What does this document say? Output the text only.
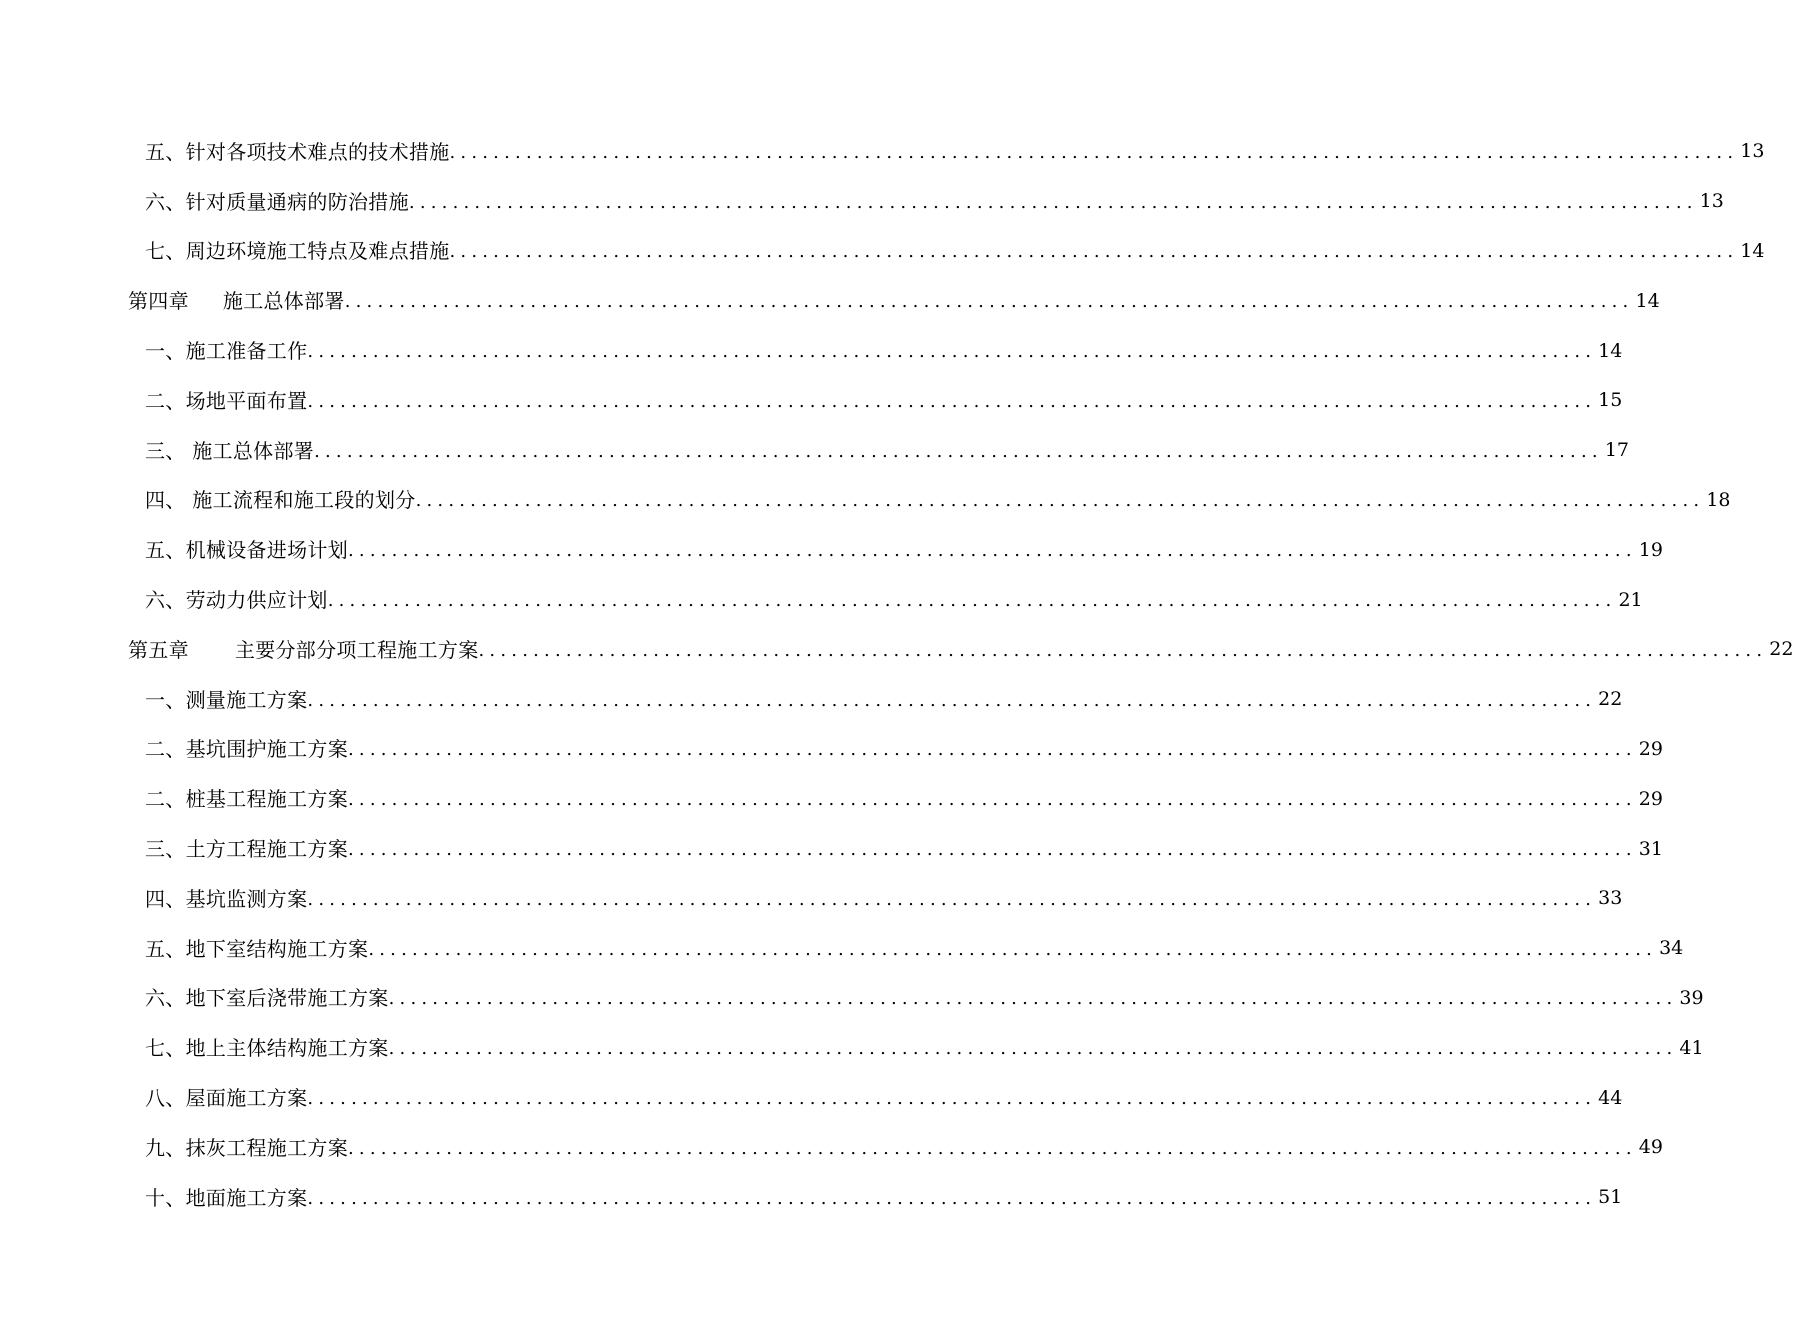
五、针对各项技术难点的技术措施 ...................................................................................................................... 13
六、针对质量通病的防治措施 ...................................................................................................................... 13
七、周边环境施工特点及难点措施 ...................................................................................................................... 14
第四章 施工总体部署 ...................................................................................................................... 14
一、施工准备工作 ...................................................................................................................... 14
二、场地平面布置 ...................................................................................................................... 15
三、 施工总体部署 ...................................................................................................................... 17
四、 施工流程和施工段的划分 ...................................................................................................................... 18
五、机械设备进场计划 ...................................................................................................................... 19
六、劳动力供应计划 ...................................................................................................................... 21
第五章 主要分部分项工程施工方案 ...................................................................................................................... 22
一、测量施工方案 ...................................................................................................................... 22
二、基坑围护施工方案 ...................................................................................................................... 29
二、桩基工程施工方案 ...................................................................................................................... 29
三、土方工程施工方案 ...................................................................................................................... 31
四、基坑监测方案 ...................................................................................................................... 33
五、地下室结构施工方案 ...................................................................................................................... 34
六、地下室后浇带施工方案 ...................................................................................................................... 39
七、地上主体结构施工方案 ...................................................................................................................... 41
八、屋面施工方案 ...................................................................................................................... 44
九、抹灰工程施工方案 ...................................................................................................................... 49
十、地面施工方案 ...................................................................................................................... 51
